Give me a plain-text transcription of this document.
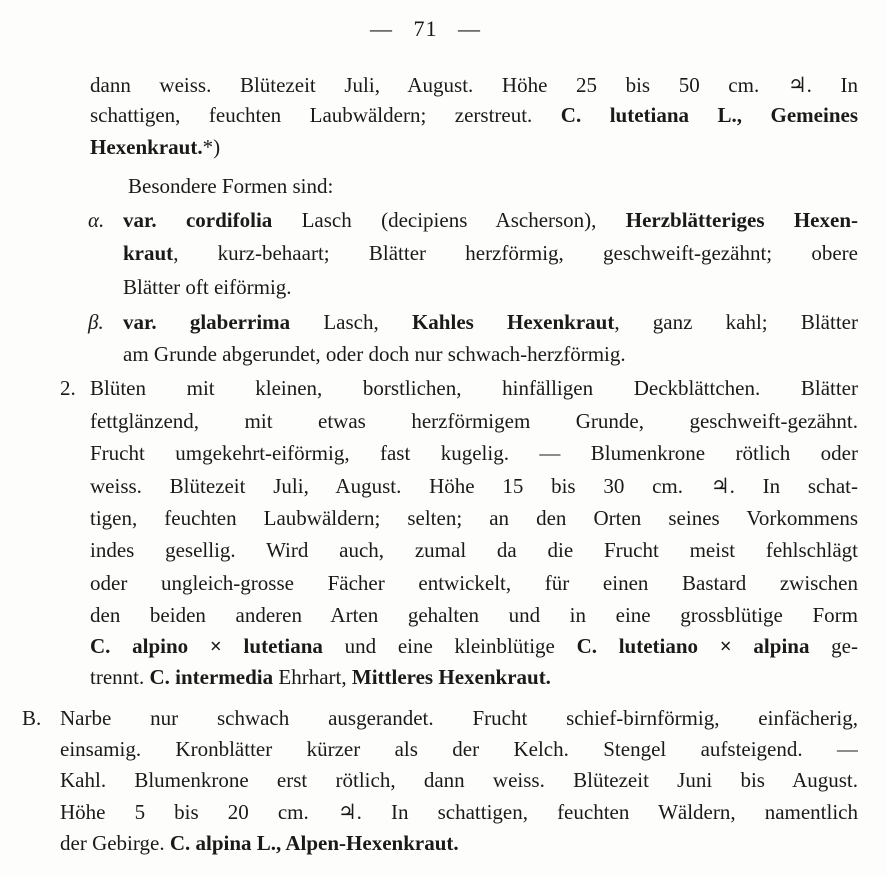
— 71 —
dann weiss. Blütezeit Juli, August. Höhe 25 bis 50 cm. ♃. In
schattigen, feuchten Laubwäldern; zerstreut. C. lutetiana L., Gemeines
Hexenkraut.*)
Besondere Formen sind:
α. var. cordifolia Lasch (decipiens Ascherson), Herzblätteriges Hexen-
kraut, kurz-behaart; Blätter herzförmig, geschweift-gezähnt; obere
Blätter oft eiförmig.
β. var. glaberrima Lasch, Kahles Hexenkraut, ganz kahl; Blätter
am Grunde abgerundet, oder doch nur schwach-herzförmig.
2. Blüten mit kleinen, borstlichen, hinfälligen Deckblättchen. Blätter
fettglänzend, mit etwas herzförmigem Grunde, geschweift-gezähnt.
Frucht umgekehrt-eiförmig, fast kugelig. — Blumenkrone rötlich oder
weiss. Blütezeit Juli, August. Höhe 15 bis 30 cm. ♃. In schat-
tigen, feuchten Laubwäldern; selten; an den Orten seines Vorkommens
indes gesellig. Wird auch, zumal da die Frucht meist fehlschlägt
oder ungleich-grosse Fächer entwickelt, für einen Bastard zwischen
den beiden anderen Arten gehalten und in eine grossblütige Form
C. alpino × lutetiana und eine kleinblütige C. lutetiano × alpina ge-
trennt. C. intermedia Ehrhart, Mittleres Hexenkraut.
B. Narbe nur schwach ausgerandet. Frucht schief-birnförmig, einfächerig,
einsamig. Kronblätter kürzer als der Kelch. Stengel aufsteigend. —
Kahl. Blumenkrone erst rötlich, dann weiss. Blütezeit Juni bis August.
Höhe 5 bis 20 cm. ♃. In schattigen, feuchten Wäldern, namentlich
der Gebirge. C. alpina L., Alpen-Hexenkraut.
